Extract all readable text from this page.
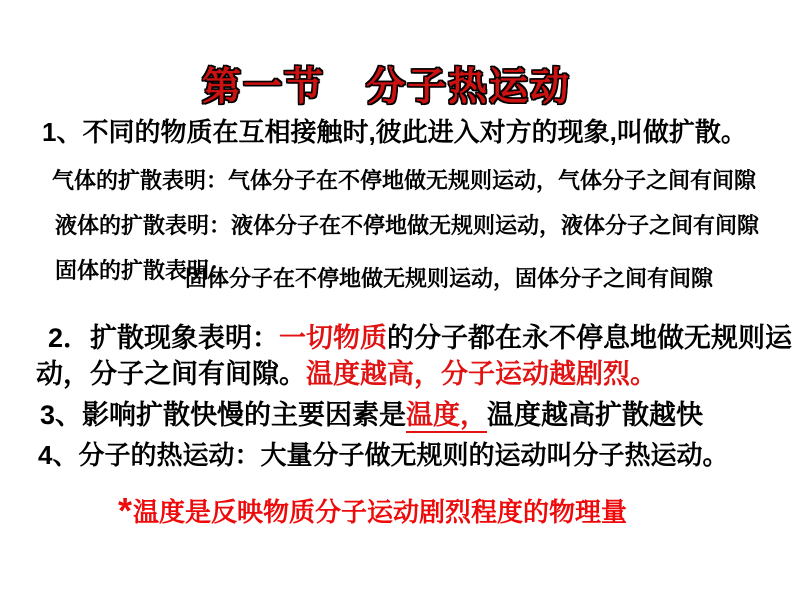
第一节　分子热运动
1、不同的物质在互相接触时,彼此进入对方的现象,叫做扩散。
气体的扩散表明：气体分子在不停地做无规则运动，气体分子之间有间隙
液体的扩散表明：液体分子在不停地做无规则运动，液体分子之间有间隙
固体的扩散表明：
固体分子在不停地做无规则运动，固体分子之间有间隙
2．扩散现象表明：一切物质的分子都在永不停息地做无规则运
动，分子之间有间隙。温度越高，分子运动越剧烈。
3、影响扩散快慢的主要因素是温度，温度越高扩散越快
4、分子的热运动：大量分子做无规则的运动叫分子热运动。
*温度是反映物质分子运动剧烈程度的物理量
